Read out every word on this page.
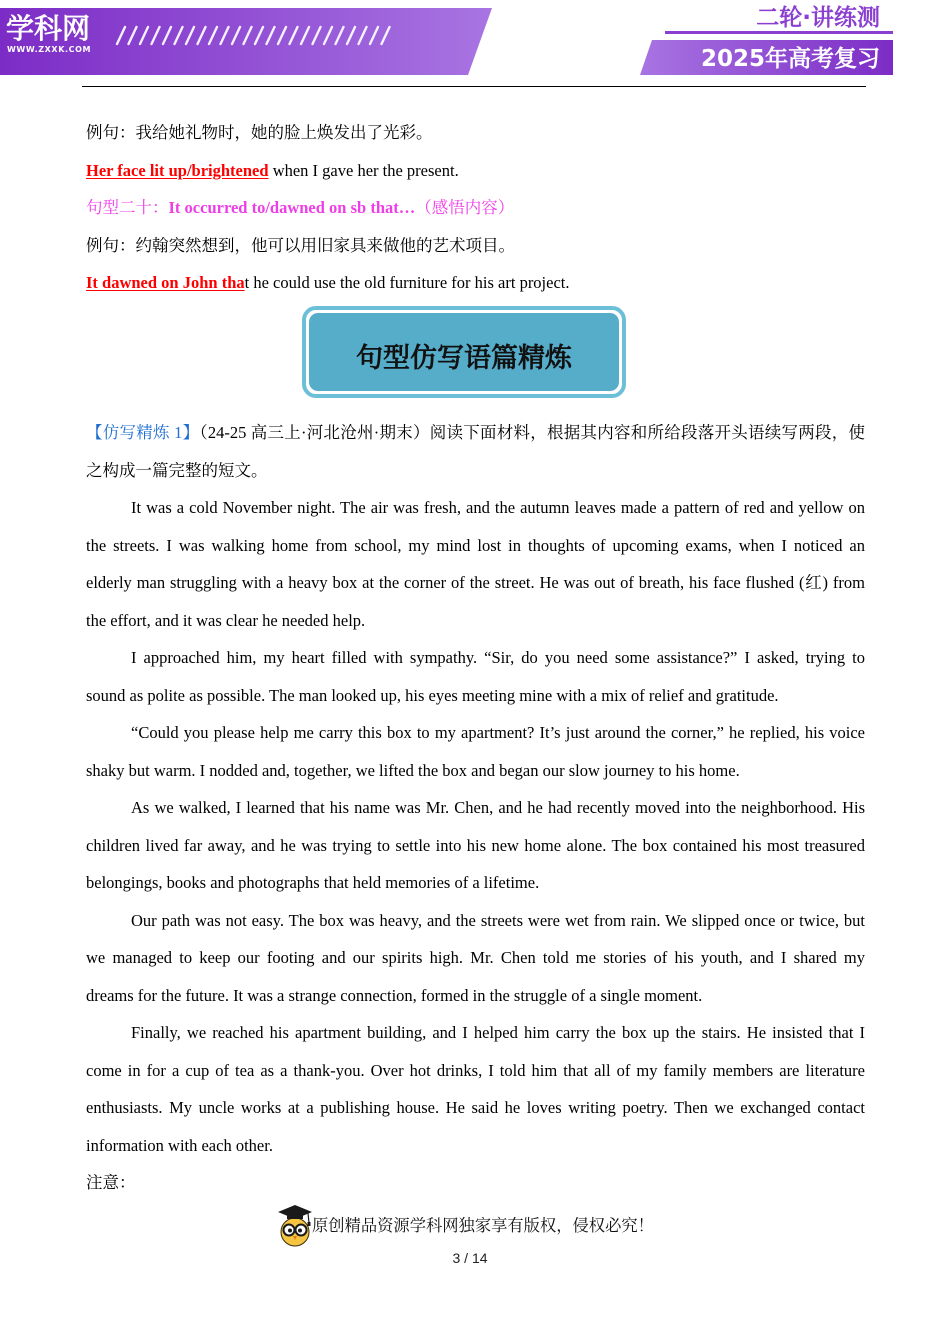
学科网
WWW.ZXXK.COM
二轮·讲练测
2025年高考复习
例句：我给她礼物时，她的脸上焕发出了光彩。
Her face lit up/brightened when I gave her the present.
句型二十：It occurred to/dawned on sb that…（感悟内容）
例句：约翰突然想到，他可以用旧家具来做他的艺术项目。
It dawned on John that he could use the old furniture for his art project.
句型仿写语篇精炼
【仿写精炼 1】（24-25 高三上·河北沧州·期末）阅读下面材料，根据其内容和所给段落开头语续写两段，使
之构成一篇完整的短文。
It was a cold November night. The air was fresh, and the autumn leaves made a pattern of red and yellow on
the streets. I was walking home from school, my mind lost in thoughts of upcoming exams, when I noticed an
elderly man struggling with a heavy box at the corner of the street. He was out of breath, his face flushed (红) from
the effort, and it was clear he needed help.
I approached him, my heart filled with sympathy. “Sir, do you need some assistance?” I asked, trying to
sound as polite as possible. The man looked up, his eyes meeting mine with a mix of relief and gratitude.
“Could you please help me carry this box to my apartment? It’s just around the corner,” he replied, his voice
shaky but warm. I nodded and, together, we lifted the box and began our slow journey to his home.
As we walked, I learned that his name was Mr. Chen, and he had recently moved into the neighborhood. His
children lived far away, and he was trying to settle into his new home alone. The box contained his most treasured
belongings, books and photographs that held memories of a lifetime.
Our path was not easy. The box was heavy, and the streets were wet from rain. We slipped once or twice, but
we managed to keep our footing and our spirits high. Mr. Chen told me stories of his youth, and I shared my
dreams for the future. It was a strange connection, formed in the struggle of a single moment.
Finally, we reached his apartment building, and I helped him carry the box up the stairs. He insisted that I
come in for a cup of tea as a thank-you. Over hot drinks, I told him that all of my family members are literature
enthusiasts. My uncle works at a publishing house. He said he loves writing poetry. Then we exchanged contact
information with each other.
注意：
原创精品资源学科网独家享有版权，侵权必究！
3 / 14
